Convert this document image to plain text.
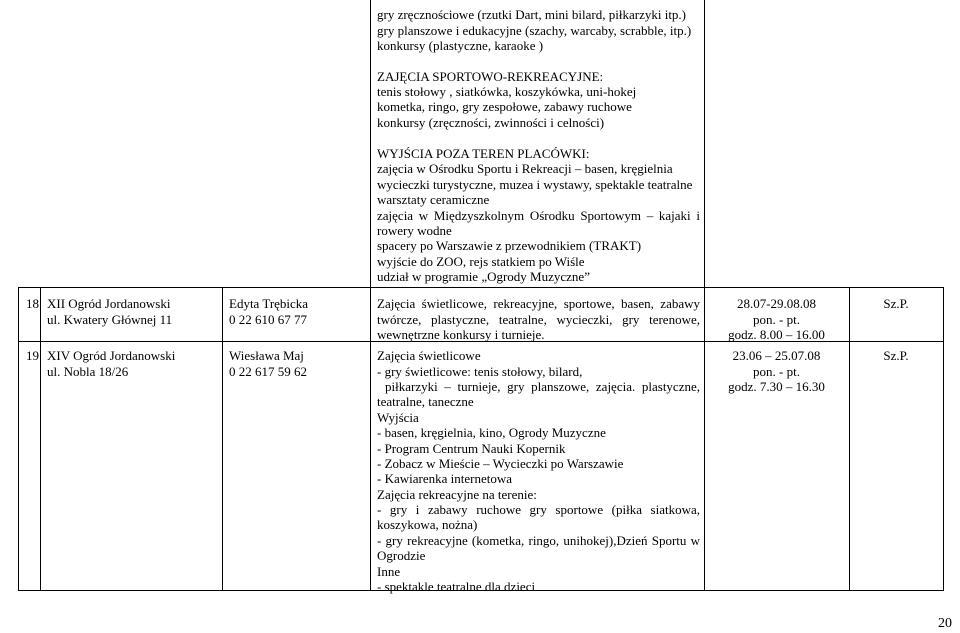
gry zręcznościowe (rzutki Dart, mini bilard, piłkarzyki itp.)
gry planszowe i edukacyjne (szachy, warcaby, scrabble, itp.)
konkursy (plastyczne, karaoke )
ZAJĘCIA SPORTOWO-REKREACYJNE:
tenis stołowy , siatkówka, koszykówka, uni-hokej
kometka, ringo, gry zespołowe, zabawy ruchowe
konkursy (zręczności, zwinności i celności)
WYJŚCIA POZA TEREN PLACÓWKI:
zajęcia w Ośrodku Sportu i Rekreacji – basen, kręgielnia
wycieczki turystyczne, muzea i wystawy, spektakle teatralne
warsztaty ceramiczne
zajęcia w Międzyszkolnym Ośrodku Sportowym – kajaki i
rowery wodne
spacery po Warszawie z przewodnikiem (TRAKT)
wyjście do ZOO, rejs statkiem po Wiśle
udział w programie „Ogrody Muzyczne”
18 XII Ogród Jordanowski
ul. Kwatery Głównej 11
Edyta Trębicka
0 22 610 67 77
Zajęcia świetlicowe, rekreacyjne, sportowe, basen, zabawy
twórcze, plastyczne, teatralne, wycieczki, gry terenowe,
wewnętrzne konkursy i turnieje.
28.07-29.08.08
pon. - pt.
godz. 8.00 – 16.00
Sz.P.
19 XIV Ogród Jordanowski
ul. Nobla 18/26
Wiesława Maj
0 22 617 59 62
Zajęcia świetlicowe
- gry świetlicowe: tenis stołowy, bilard,
piłkarzyki – turnieje, gry planszowe, zajęcia. plastyczne,
teatralne, taneczne
Wyjścia
- basen, kręgielnia, kino, Ogrody Muzyczne
- Program Centrum Nauki Kopernik
- Zobacz w Mieście – Wycieczki po Warszawie
- Kawiarenka internetowa
Zajęcia rekreacyjne na terenie:
- gry i zabawy ruchowe gry sportowe (piłka siatkowa,
koszykowa, nożna)
- gry rekreacyjne (kometka, ringo, unihokej),Dzień Sportu w
Ogrodzie
Inne
- spektakle teatralne dla dzieci
23.06 – 25.07.08
pon. - pt.
godz. 7.30 – 16.30
Sz.P.
20
